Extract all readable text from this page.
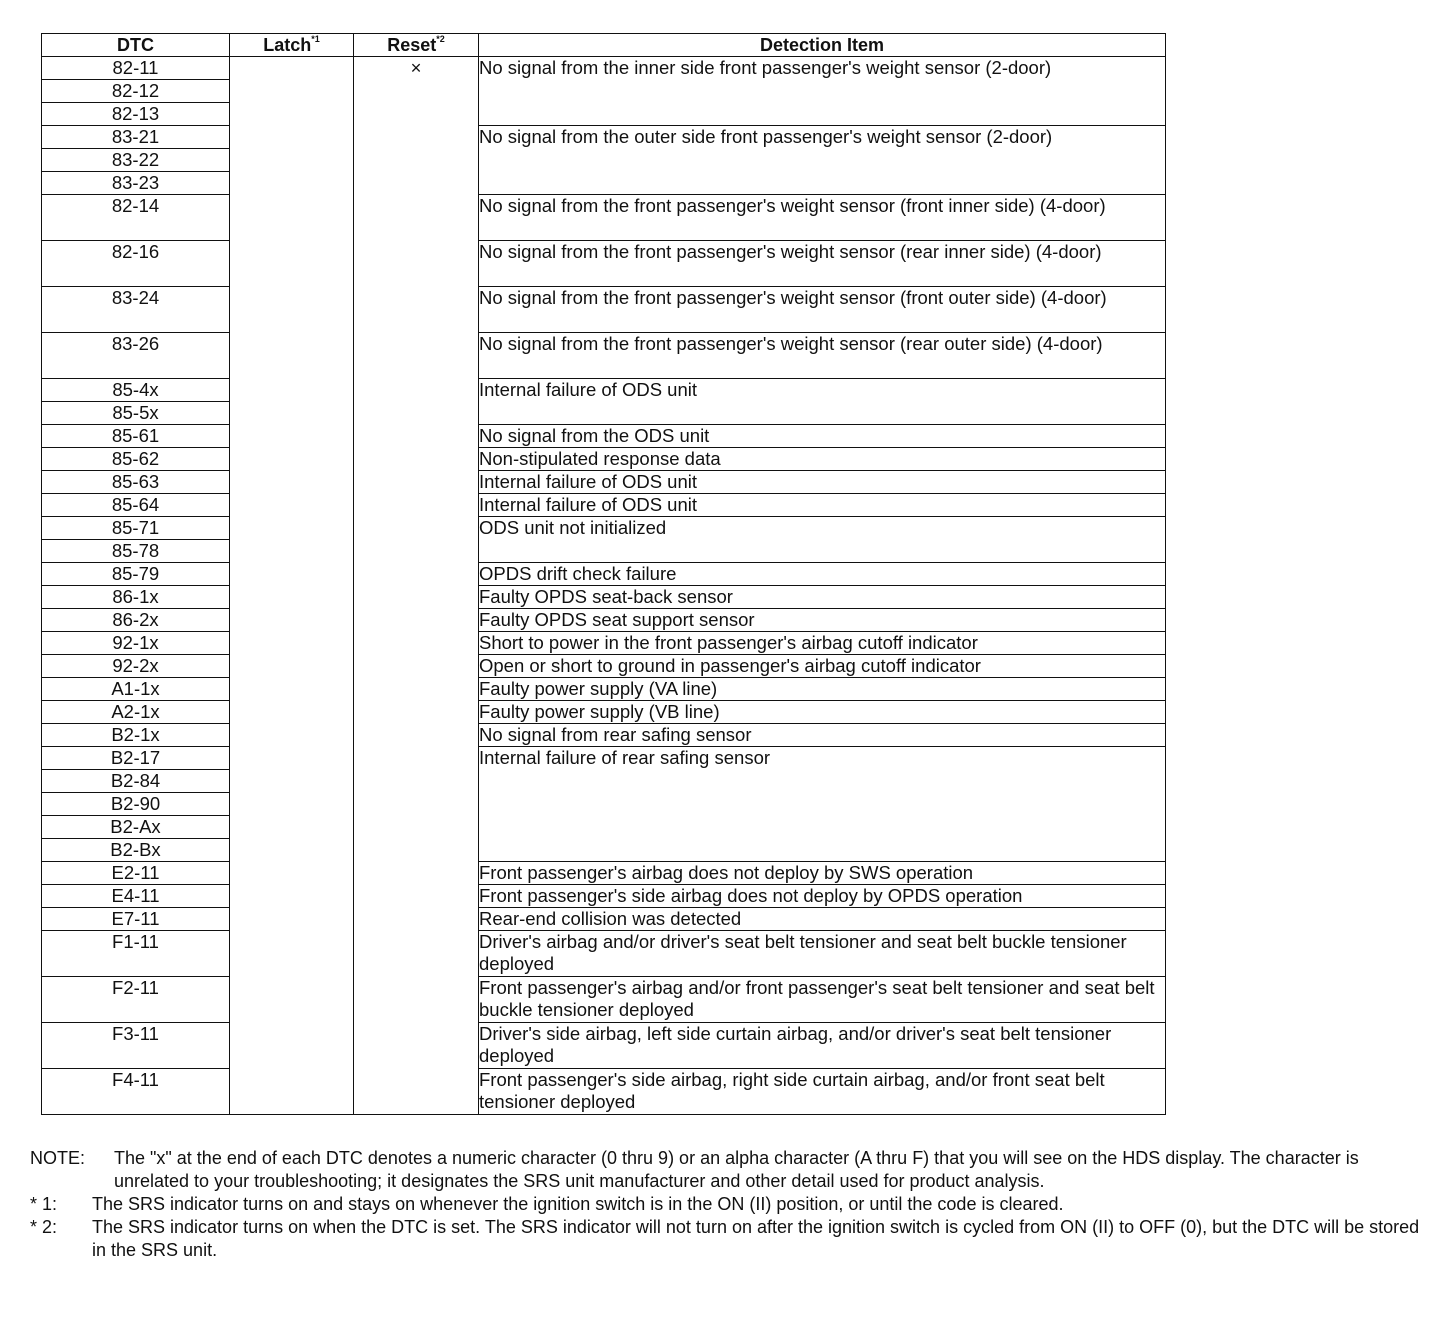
DTC	Latch$^{*1}$	Reset$^{*2}$	Detection Item
82-11		×	No signal from the inner side front passenger's weight sensor (2-door)
82-12			
82-13			
83-21			No signal from the outer side front passenger's weight sensor (2-door)
83-22			
83-23			
82-14			No signal from the front passenger's weight sensor (front inner side) (4-door)
82-16			No signal from the front passenger's weight sensor (rear inner side) (4-door)
83-24			No signal from the front passenger's weight sensor (front outer side) (4-door)
83-26			No signal from the front passenger's weight sensor (rear outer side) (4-door)
85-4x			Internal failure of ODS unit
85-5x			
85-61			No signal from the ODS unit
85-62			Non-stipulated response data
85-63			Internal failure of ODS unit
85-64			Internal failure of ODS unit
85-71			ODS unit not initialized
85-78			
85-79			OPDS drift check failure
86-1x			Faulty OPDS seat-back sensor
86-2x			Faulty OPDS seat support sensor
92-1x			Short to power in the front passenger's airbag cutoff indicator
92-2x			Open or short to ground in passenger's airbag cutoff indicator
A1-1x			Faulty power supply (VA line)
A2-1x			Faulty power supply (VB line)
B2-1x			No signal from rear safing sensor
B2-17			Internal failure of rear safing sensor
B2-84			
B2-90			
B2-Ax			
B2-Bx			
E2-11			Front passenger's airbag does not deploy by SWS operation
E4-11			Front passenger's side airbag does not deploy by OPDS operation
E7-11			Rear-end collision was detected
F1-11			Driver's airbag and/or driver's seat belt tensioner and seat belt buckle tensioner deployed
F2-11			Front passenger's airbag and/or front passenger's seat belt tensioner and seat belt buckle tensioner deployed
F3-11			Driver's side airbag, left side curtain airbag, and/or driver's seat belt tensioner deployed
F4-11			Front passenger's side airbag, right side curtain airbag, and/or front seat belt tensioner deployed
NOTE: The "x" at the end of each DTC denotes a numeric character (0 thru 9) or an alpha character (A thru F) that you will see on the HDS display. The character is unrelated to your troubleshooting; it designates the SRS unit manufacturer and other detail used for product analysis.
* 1: The SRS indicator turns on and stays on whenever the ignition switch is in the ON (II) position, or until the code is cleared.
* 2: The SRS indicator turns on when the DTC is set. The SRS indicator will not turn on after the ignition switch is cycled from ON (II) to OFF (0), but the DTC will be stored in the SRS unit.
